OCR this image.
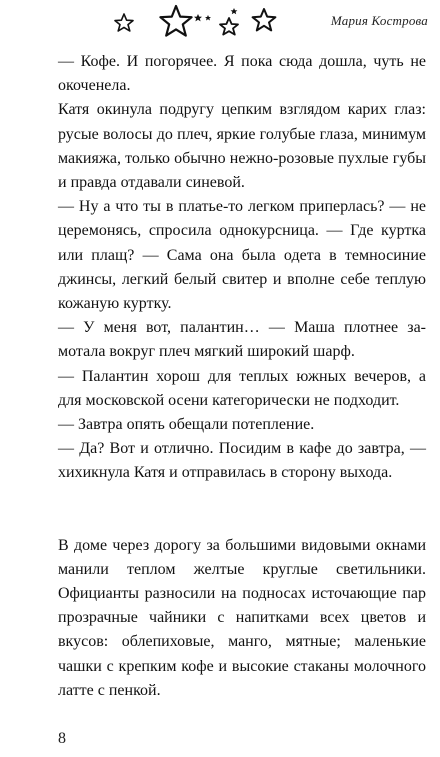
Мария Кострова

— Кофе. И погорячее. Я пока сюда дошла, чуть не окоченела.

Катя окинула подругу цепким взглядом карих глаз: русые волосы до плеч, яркие голубые глаза, минимум макияжа, только обычно нежно-розовые пухлые губы и правда отдавали синевой.

— Ну а что ты в платье-то легком приперлась? — не церемонясь, спросила однокурсница. — Где куртка или плащ? — Сама она была одета в темносиние джинсы, легкий белый свитер и вполне себе теплую кожаную куртку.

— У меня вот, палантин… — Маша плотнее замотала вокруг плеч мягкий широкий шарф.

— Палантин хорош для теплых южных вечеров, а для московской осени категорически не подходит.

— Завтра опять обещали потепление.

— Да? Вот и отлично. Посидим в кафе до завтра, — хихикнула Катя и отправилась в сторону выхода.

В доме через дорогу за большими видовыми окнами манили теплом желтые круглые светильники. Официанты разносили на подносах источающие пар прозрачные чайники с напитками всех цветов и вкусов: облепиховые, манго, мятные; маленькие чашки с крепким кофе и высокие стаканы молочного латте с пенкой.

8
